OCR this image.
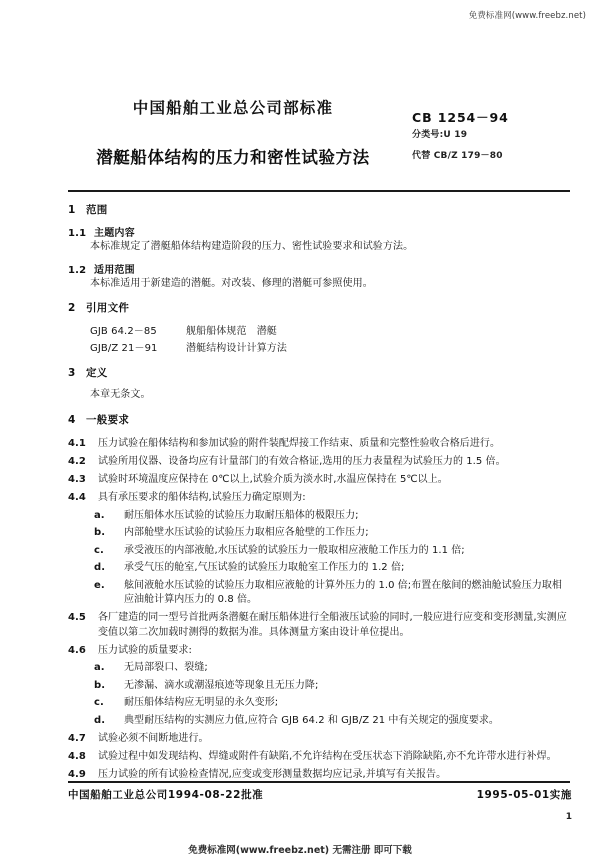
免费标准网(www.freebz.net)
中国船舶工业总公司部标准
潜艇船体结构的压力和密性试验方法
CB 1254－94
分类号:U 19
代替 CB/Z 179－80
1 范围
1.1 主题内容

本标准规定了潜艇船体结构建造阶段的压力、密性试验要求和试验方法。

1.2 适用范围

本标准适用于新建造的潜艇。对改装、修理的潜艇可参照使用。

2 引用文件

GJB 64.2－85	舰船船体规范　潜艇

GJB/Z 21－91	潜艇结构设计计算方法

3 定义

本章无条文。

4 一般要求

4.1 压力试验在船体结构和参加试验的附件装配焊接工作结束、质量和完整性验收合格后进行。

4.2 试验所用仪器、设备均应有计量部门的有效合格证,选用的压力表量程为试验压力的 1.5 倍。

4.3 试验时环境温度应保持在 0℃以上,试验介质为淡水时,水温应保持在 5℃以上。

4.4 具有承压要求的船体结构,试验压力确定原则为:

a. 耐压船体水压试验的试验压力取耐压船体的极限压力;

b. 内部舱壁水压试验的试验压力取相应各舱壁的工作压力;

c. 承受液压的内部液舱,水压试验的试验压力一般取相应液舱工作压力的 1.1 倍;

d. 承受气压的舱室,气压试验的试验压力取舱室工作压力的 1.2 倍;

e. 舷间液舱水压试验的试验压力取相应液舱的计算外压力的 1.0 倍;布置在舷间的燃油舱试验压力取相应油舱计算内压力的 0.8 倍。

4.5 各厂建造的同一型号首批两条潜艇在耐压船体进行全船液压试验的同时,一般应进行应变和变形测量,实测应变值以第二次加载时测得的数据为准。具体测量方案由设计单位提出。

4.6 压力试验的质量要求:

a. 无局部裂口、裂缝;

b. 无渗漏、滴水或潮湿痕迹等现象且无压力降;

c. 耐压船体结构应无明显的永久变形;

d. 典型耐压结构的实测应力值,应符合 GJB 64.2 和 GJB/Z 21 中有关规定的强度要求。

4.7 试验必须不间断地进行。

4.8 试验过程中如发现结构、焊缝或附件有缺陷,不允许结构在受压状态下消除缺陷,亦不允许带水进行补焊。

4.9 压力试验的所有试验检查情况,应变或变形测量数据均应记录,并填写有关报告。

中国船舶工业总公司1994-08-22批准	1995-05-01实施
1
免费标准网(www.freebz.net) 无需注册 即可下载
